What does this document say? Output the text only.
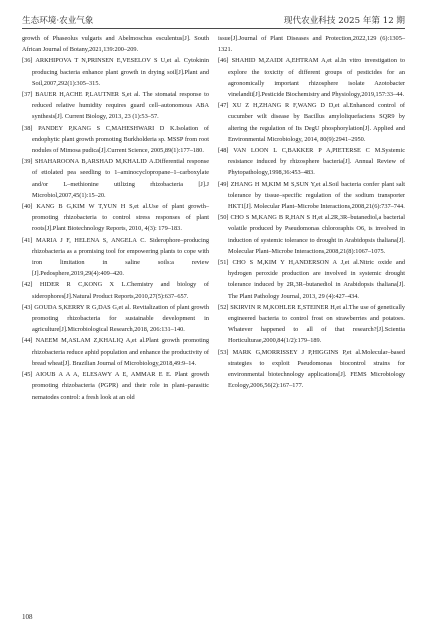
生态环境·农业气象	现代农业科技 2025 年第 12 期

growth of Phaseolus vulgaris and Abelmoschus esculentus[J]. South African Journal of Botany,2021,139:200–209.

[36] ARKHIPOVA T N,PRINSEN E,VESELOV S U,et al. Cytokinin producing bacteria enhance plant growth in drying soil[J].Plant and Soil,2007,292(1):305–315.

[37] BAUER H,ACHE P,LAUTNER S,et al. The stomatal response to reduced relative humidity requires guard cell–autonomous ABA synthesis[J]. Current Biology, 2013, 23 (1):53–57.

[38] PANDEY P,KANG S C,MAHESHWARI D K.Isolation of endophytic plant growth promoting Burkholderia sp. MSSP from root nodules of Mimosa pudica[J].Current Science, 2005,89(1):177–180.

[39] SHAHAROONA B,ARSHAD M,KHALID A.Differential response of etiolated pea seedling to 1–aminocyclopropane–1–carboxylate and/or L–methionine utilizing rhizobacteria [J].J Microbiol,2007,45(1):15–20.

[40] KANG B G,KIM W T,YUN H S,et al.Use of plant growth–promoting rhizobacteria to control stress responses of plant roots[J].Plant Biotechnology Reports, 2010, 4(3): 179–183.

[41] MARIA J F, HELENA S, ANGELA C. Siderophore–producing rhizobacteria as a promising tool for empowering plants to cope with iron limitation in saline soils:a review [J].Pedosphere,2019,29(4):409–420.

[42] HIDER R C,KONG X L.Chemistry and biology of siderophores[J].Natural Product Reports,2010,27(5):637–657.

[43] GOUDA S,KERRY R G,DAS G,et al. Revitalization of plant growth promoting rhizobacteria for sustainable development in agriculture[J].Microbiological Research,2018, 206:131–140.

[44] NAEEM M,ASLAM Z,KHALIQ A,et al.Plant growth promoting rhizobacteria reduce aphid population and enhance the productivity of bread wheat[J]. Brazilian Journal of Microbiology,2018,49:9–14.

[45] AIOUB A A A, ELESAWY A E, AMMAR E E. Plant growth promoting rhizobacteria (PGPR) and their role in plant–parasitic nematodes control: a fresh look at an old

issue[J].Journal of Plant Diseases and Protection,2022,129 (6):1305–1321.

[46] SHAHID M,ZAIDI A,EHTRAM A,et al.In vitro investigation to explore the toxicity of different groups of pesticides for an agronomically important rhizosphere isolate Azotobacter vinelandii[J].Pesticide Biochemistry and Physiology,2019,157:33–44.

[47] XU Z H,ZHANG R F,WANG D D,et al.Enhanced control of cucumber wilt disease by Bacillus amyloliquefaciens SQR9 by altering the regulation of Its DegU phosphorylation[J]. Applied and Environmental Microbiology, 2014, 80(9):2941–2950.

[48] VAN LOON L C,BAKKER P A,PIETERSE C M.Systemic resistance induced by rhizosphere bacteria[J]. Annual Review of Phytopathology,1998,36:453–483.

[49] ZHANG H M,KIM M S,SUN Y,et al.Soil bacteria confer plant salt tolerance by tissue–specific regulation of the sodium transporter HKT1[J]. Molecular Plant–Microbe Interactions,2008,21(6):737–744.

[50] CHO S M,KANG B R,HAN S H,et al.2R,3R–butanediol,a bacterial volatile produced by Pseudomonas chlororaphis O6, is involved in induction of systemic tolerance to drought in Arabidopsis thaliana[J]. Molecular Plant–Microbe Interactions,2008,21(8):1067–1075.

[51] CHO S M,KIM Y H,ANDERSON A J,et al.Nitric oxide and hydrogen peroxide production are involved in systemic drought tolerance induced by 2R,3R–butanediol in Arabidopsis thaliana[J]. The Plant Pathology Journal, 2013, 29 (4):427–434.

[52] SKIRVIN R M,KOHLER E,STEINER H,et al.The use of genetically engineered bacteria to control frost on strawberries and potatoes. Whatever happened to all of that research?[J].Scientia Horticulturae,2000,84(1/2):179–189.

[53] MARK G,MORRISSEY J P,HIGGINS P,et al.Molecular–based strategies to exploit Pseudomonas biocontrol strains for environmental biotechnology applications[J]. FEMS Microbiology Ecology,2006,56(2):167–177.

108
